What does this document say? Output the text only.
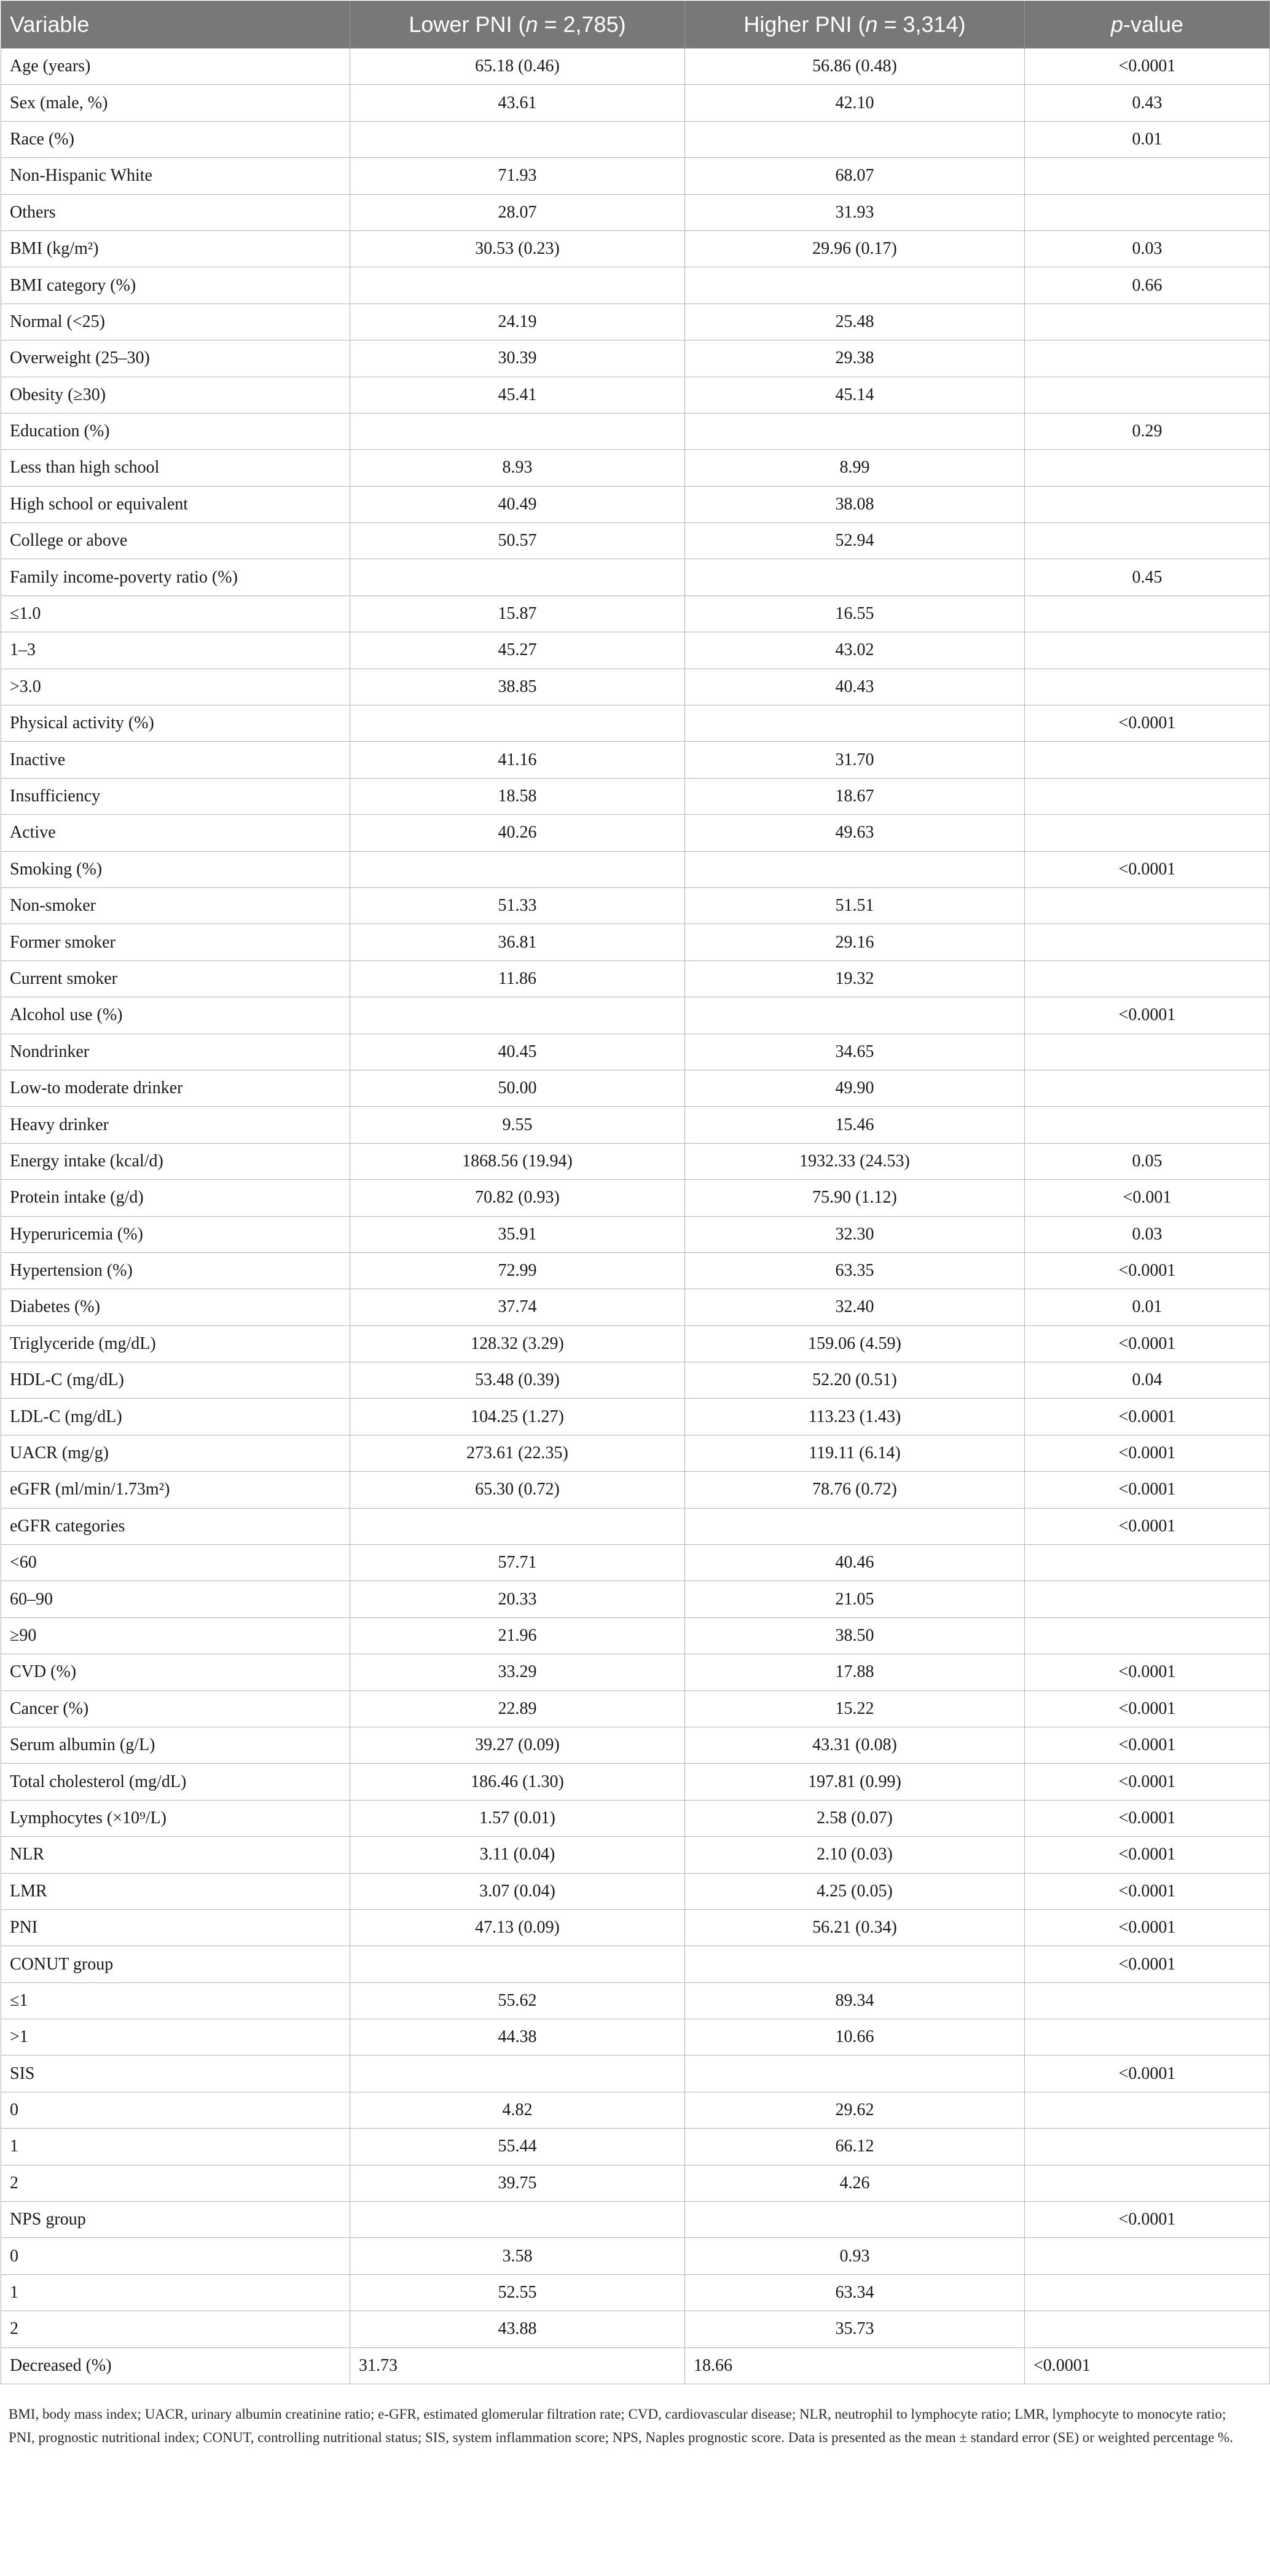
Variable	Lower PNI (n = 2,785)	Higher PNI (n = 3,314)	p-value
Age (years)	65.18 (0.46)	56.86 (0.48)	<0.0001
Sex (male, %)	43.61	42.10	0.43
Race (%)			0.01
Non-Hispanic White	71.93	68.07	
Others	28.07	31.93	
BMI (kg/m²)	30.53 (0.23)	29.96 (0.17)	0.03
BMI category (%)			0.66
Normal (<25)	24.19	25.48	
Overweight (25–30)	30.39	29.38	
Obesity (≥30)	45.41	45.14	
Education (%)			0.29
Less than high school	8.93	8.99	
High school or equivalent	40.49	38.08	
College or above	50.57	52.94	
Family income-poverty ratio (%)			0.45
≤1.0	15.87	16.55	
1–3	45.27	43.02	
>3.0	38.85	40.43	
Physical activity (%)			<0.0001
Inactive	41.16	31.70	
Insufficiency	18.58	18.67	
Active	40.26	49.63	
Smoking (%)			<0.0001
Non-smoker	51.33	51.51	
Former smoker	36.81	29.16	
Current smoker	11.86	19.32	
Alcohol use (%)			<0.0001
Nondrinker	40.45	34.65	
Low-to moderate drinker	50.00	49.90	
Heavy drinker	9.55	15.46	
Energy intake (kcal/d)	1868.56 (19.94)	1932.33 (24.53)	0.05
Protein intake (g/d)	70.82 (0.93)	75.90 (1.12)	<0.001
Hyperuricemia (%)	35.91	32.30	0.03
Hypertension (%)	72.99	63.35	<0.0001
Diabetes (%)	37.74	32.40	0.01
Triglyceride (mg/dL)	128.32 (3.29)	159.06 (4.59)	<0.0001
HDL-C (mg/dL)	53.48 (0.39)	52.20 (0.51)	0.04
LDL-C (mg/dL)	104.25 (1.27)	113.23 (1.43)	<0.0001
UACR (mg/g)	273.61 (22.35)	119.11 (6.14)	<0.0001
eGFR (ml/min/1.73m²)	65.30 (0.72)	78.76 (0.72)	<0.0001
eGFR categories			<0.0001
<60	57.71	40.46	
60–90	20.33	21.05	
≥90	21.96	38.50	
CVD (%)	33.29	17.88	<0.0001
Cancer (%)	22.89	15.22	<0.0001
Serum albumin (g/L)	39.27 (0.09)	43.31 (0.08)	<0.0001
Total cholesterol (mg/dL)	186.46 (1.30)	197.81 (0.99)	<0.0001
Lymphocytes (×10⁹/L)	1.57 (0.01)	2.58 (0.07)	<0.0001
NLR	3.11 (0.04)	2.10 (0.03)	<0.0001
LMR	3.07 (0.04)	4.25 (0.05)	<0.0001
PNI	47.13 (0.09)	56.21 (0.34)	<0.0001
CONUT group			<0.0001
≤1	55.62	89.34	
>1	44.38	10.66	
SIS			<0.0001
0	4.82	29.62	
1	55.44	66.12	
2	39.75	4.26	
NPS group			<0.0001
0	3.58	0.93	
1	52.55	63.34	
2	43.88	35.73	
Decreased (%)	31.73	18.66	<0.0001
BMI, body mass index; UACR, urinary albumin creatinine ratio; e-GFR, estimated glomerular filtration rate; CVD, cardiovascular disease; NLR, neutrophil to lymphocyte ratio; LMR, lymphocyte to monocyte ratio; PNI, prognostic nutritional index; CONUT, controlling nutritional status; SIS, system inflammation score; NPS, Naples prognostic score. Data is presented as the mean ± standard error (SE) or weighted percentage %.
